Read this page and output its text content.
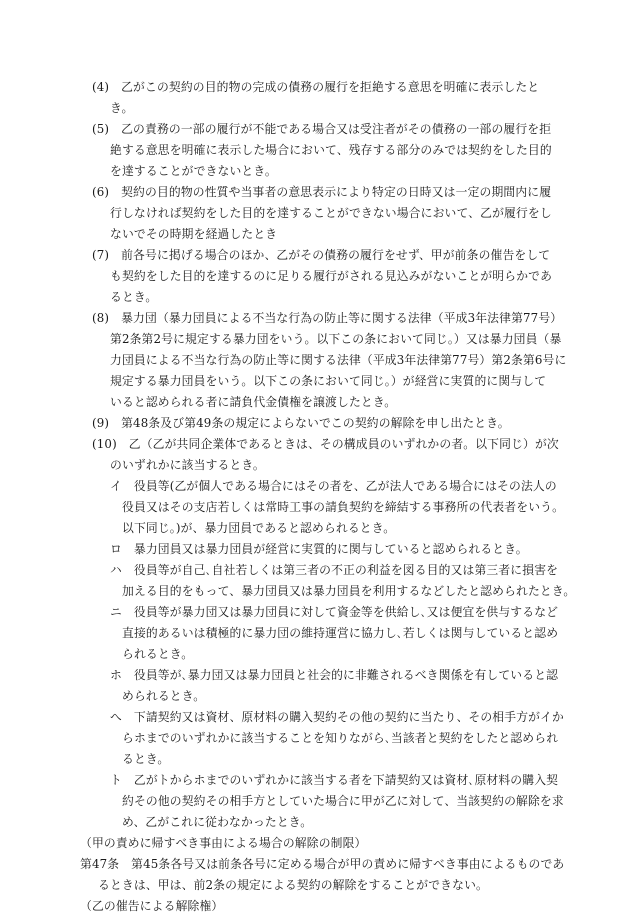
(4)　乙がこの契約の目的物の完成の債務の履行を拒絶する意思を明確に表示したと
き。
(5)　乙の責務の一部の履行が不能である場合又は受注者がその債務の一部の履行を拒
絶する意思を明確に表示した場合において、残存する部分のみでは契約をした目的
を達することができないとき。
(6)　契約の目的物の性質や当事者の意思表示により特定の日時又は一定の期間内に履
行しなければ契約をした目的を達することができない場合において、乙が履行をし
ないでその時期を経過したとき
(7)　前各号に掲げる場合のほか、乙がその債務の履行をせず、甲が前条の催告をして
も契約をした目的を達するのに足りる履行がされる見込みがないことが明らかであ
るとき。
(8)　暴力団（暴力団員による不当な行為の防止等に関する法律（平成3年法律第77号）
第2条第2号に規定する暴力団をいう。以下この条において同じ。）又は暴力団員（暴
力団員による不当な行為の防止等に関する法律（平成3年法律第77号）第2条第6号に
規定する暴力団員をいう。以下この条において同じ。）が経営に実質的に関与して
いると認められる者に請負代金債権を譲渡したとき。
(9)　第48条及び第49条の規定によらないでこの契約の解除を申し出たとき。
(10)　乙（乙が共同企業体であるときは、その構成員のいずれかの者。以下同じ）が次
のいずれかに該当するとき。
イ　役員等(乙が個人である場合にはその者を、乙が法人である場合にはその法人の
役員又はその支店若しくは常時工事の請負契約を締結する事務所の代表者をいう。
以下同じ。)が、暴力団員であると認められるとき。
ロ　暴力団員又は暴力団員が経営に実質的に関与していると認められるとき。
ハ　役員等が自己､自社若しくは第三者の不正の利益を図る目的又は第三者に損害を
加える目的をもって、暴力団員又は暴力団員を利用するなどしたと認められたとき。
ニ　役員等が暴力団又は暴力団員に対して資金等を供給し､又は便宜を供与するなど
直接的あるいは積極的に暴力団の維持運営に協力し､若しくは関与していると認め
られるとき。
ホ　役員等が､暴力団又は暴力団員と社会的に非難されるべき関係を有していると認
められるとき。
へ　下請契約又は資材、原材料の購入契約その他の契約に当たり、その相手方がイか
らホまでのいずれかに該当することを知りながら､当該者と契約をしたと認められ
るとき。
ト　乙がトからホまでのいずれかに該当する者を下請契約又は資材､原材料の購入契
約その他の契約その相手方としていた場合に甲が乙に対して、当該契約の解除を求
め、乙がこれに従わなかったとき。
（甲の責めに帰すべき事由による場合の解除の制限）
第47条　第45条各号又は前条各号に定める場合が甲の責めに帰すべき事由によるものであ
るときは、甲は、前2条の規定による契約の解除をすることができない。
（乙の催告による解除権）
